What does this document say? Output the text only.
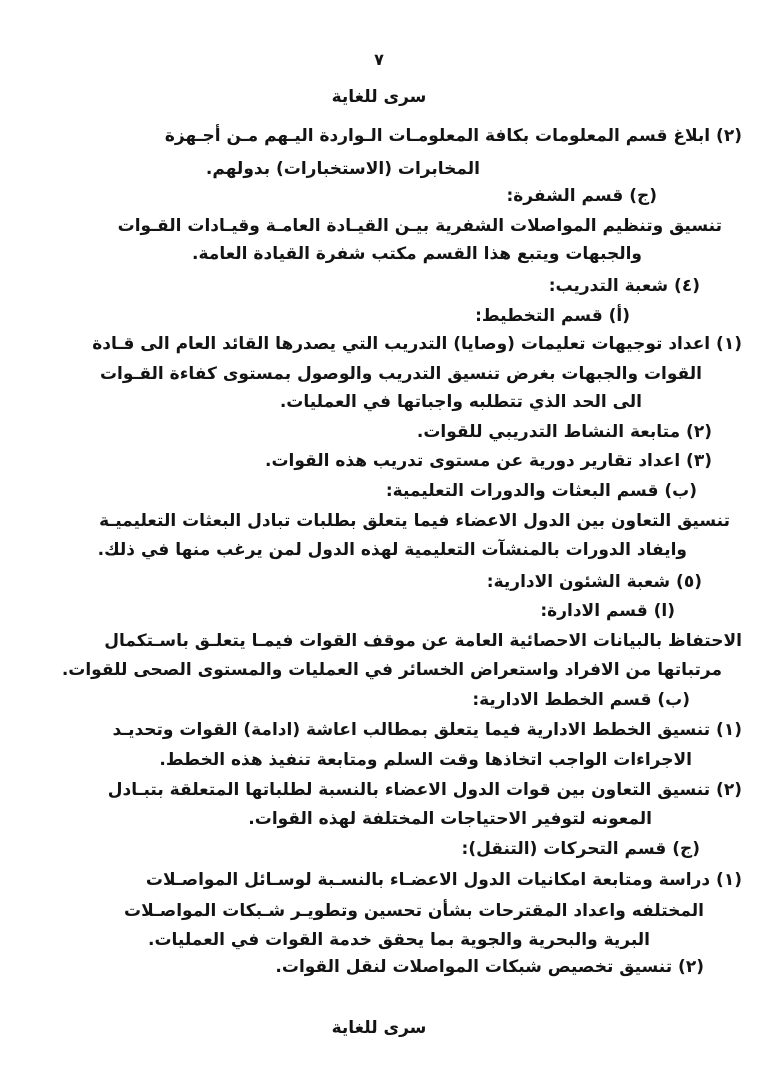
٧
سرى للغاية
(٢) ابلاغ قسم المعلومات بكافة المعلومـات الـواردة اليـهم مـن أجـهزة
المخابرات (الاستخبارات) بدولهم.
(ج) قسم الشفرة:
تنسيق وتنظيم المواصلات الشفرية بيـن القيـادة العامـة وقيـادات القـوات
والجبهات ويتبع هذا القسم مكتب شفرة القيادة العامة.
(٤) شعبة التدريب:
(أ) قسم التخطيط:
(١) اعداد توجيهات تعليمات (وصايا) التدريب التي يصدرها القائد العام الى قـادة
القوات والجبهات بغرض تنسيق التدريب والوصول بمستوى كفاءة القـوات
الى الحد الذي تتطلبه واجباتها في العمليات.
(٢) متابعة النشاط التدريبي للقوات.
(٣) اعداد تقارير دورية عن مستوى تدريب هذه القوات.
(ب) قسم البعثات والدورات التعليمية:
تنسيق التعاون بين الدول الاعضاء فيما يتعلق بطلبات تبادل البعثات التعليميـة
وايفاد الدورات بالمنشآت التعليمية لهذه الدول لمن يرغب منها في ذلك.
(٥) شعبة الشئون الادارية:
(ا) قسم الادارة:
الاحتفاظ بالبيانات الاحصائية العامة عن موقف القوات فيمـا يتعلـق باسـتكمال
مرتباتها من الافراد واستعراض الخسائر في العمليات والمستوى الصحى للقوات.
(ب) قسم الخطط الادارية:
(١) تنسيق الخطط الادارية فيما يتعلق بمطالب اعاشة (ادامة) القوات وتحديـد
الاجراءات الواجب اتخاذها وقت السلم ومتابعة تنفيذ هذه الخطط.
(٢) تنسيق التعاون بين قوات الدول الاعضاء بالنسبة لطلباتها المتعلقة بتبـادل
المعونه لتوفير الاحتياجات المختلفة لهذه القوات.
(ج) قسم التحركات (التنقل):
(١) دراسة ومتابعة امكانيات الدول الاعضـاء بالنسـبة لوسـائل المواصـلات
المختلفه واعداد المقترحات بشأن تحسين وتطويـر شـبكات المواصـلات
البرية والبحرية والجوية بما يحقق خدمة القوات في العمليات.
(٢) تنسيق تخصيص شبكات المواصلات لنقل القوات.
سرى للغاية
